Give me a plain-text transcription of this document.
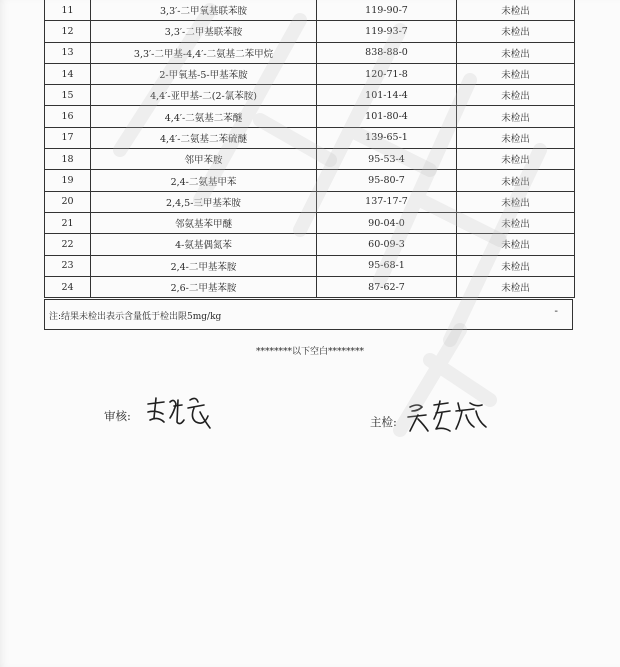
11	3,3′-二甲氧基联苯胺	119-90-7	未检出
12	3,3′-二甲基联苯胺	119-93-7	未检出
13	3,3′-二甲基-4,4′-二氨基二苯甲烷	838-88-0	未检出
14	2-甲氧基-5-甲基苯胺	120-71-8	未检出
15	4,4′-亚甲基-二(2-氯苯胺)	101-14-4	未检出
16	4,4′-二氨基二苯醚	101-80-4	未检出
17	4,4′-二氨基二苯硫醚	139-65-1	未检出
18	邻甲苯胺	95-53-4	未检出
19	2,4-二氨基甲苯	95-80-7	未检出
20	2,4,5-三甲基苯胺	137-17-7	未检出
21	邻氨基苯甲醚	90-04-0	未检出
22	4-氨基偶氮苯	60-09-3	未检出
23	2,4-二甲基苯胺	95-68-1	未检出
24	2,6-二甲基苯胺	87-62-7	未检出
注:结果未检出表示含量低于检出限5mg/kg	-
********以下空白********
审核:	主检:
